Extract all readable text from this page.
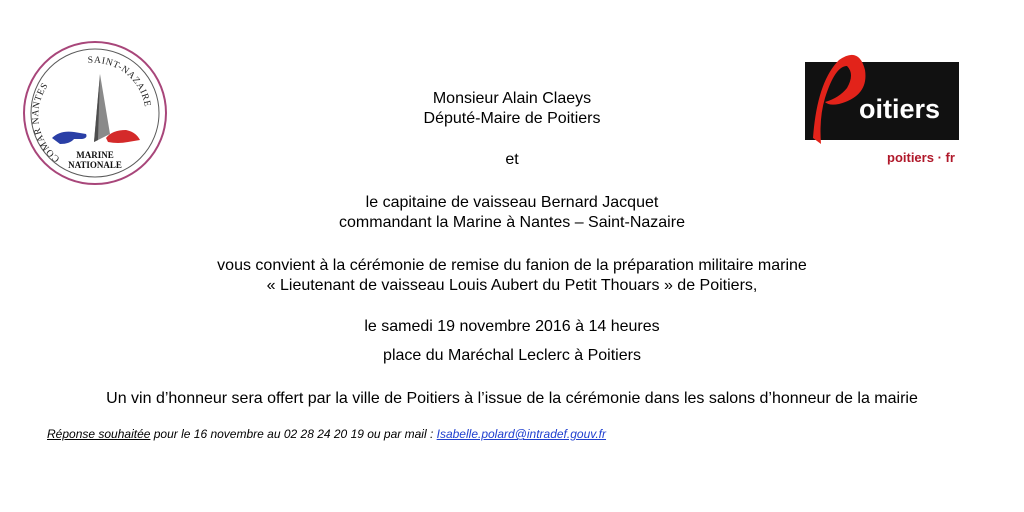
COMAR NANTES
SAINT-NAZAIRE
MARINE
NATIONALE
oitiers
poitiers · fr
Monsieur Alain Claeys
Député-Maire de Poitiers
et
le capitaine de vaisseau Bernard Jacquet
commandant la Marine à Nantes – Saint-Nazaire
vous convient à la cérémonie de remise du fanion de la préparation militaire marine
« Lieutenant de vaisseau Louis Aubert du Petit Thouars » de Poitiers,
le samedi 19 novembre 2016 à 14 heures
place du Maréchal Leclerc à Poitiers
Un vin d’honneur sera offert par la ville de Poitiers à l’issue de la cérémonie dans les salons d’honneur de la mairie
Réponse souhaitée pour le 16 novembre au 02 28 24 20 19 ou par mail : Isabelle.polard@intradef.gouv.fr
